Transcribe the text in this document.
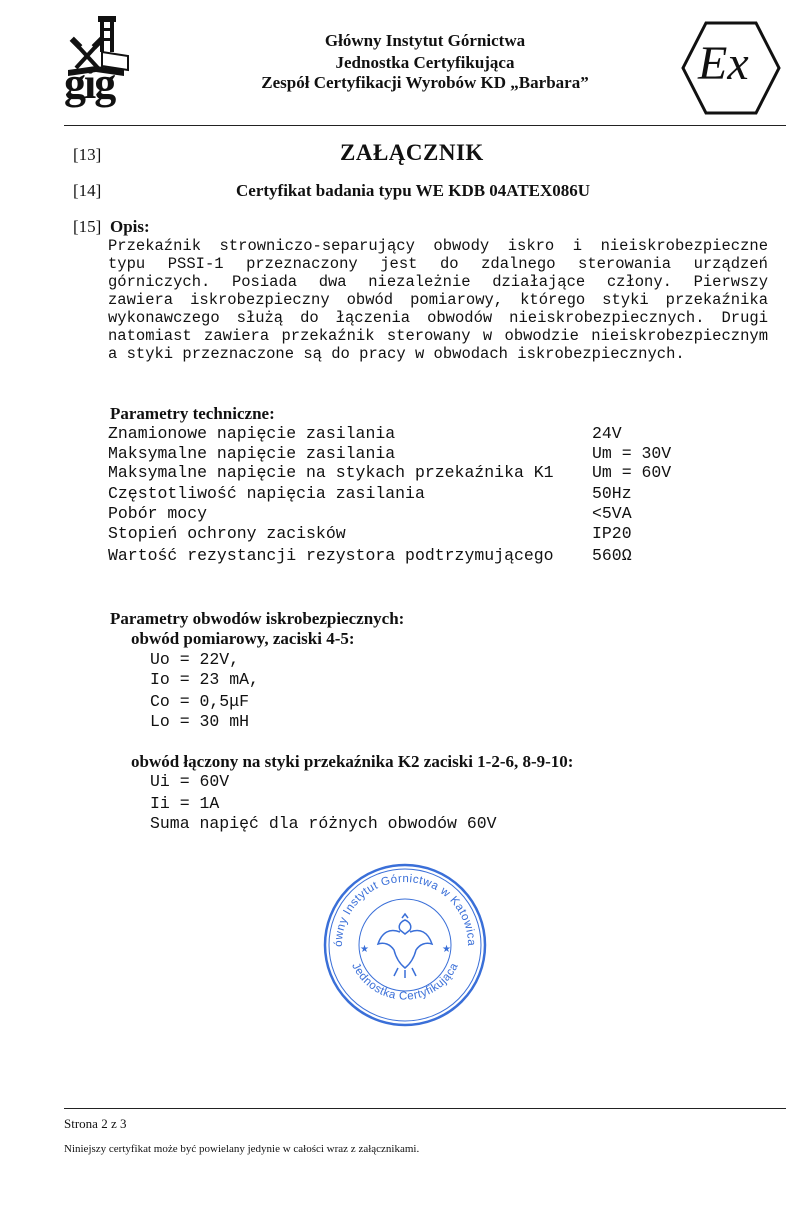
gig
Główny Instytut Górnictwa
Jednostka Certyfikująca
Zespół Certyfikacji Wyrobów KD „Barbara”	Ex
[13]	ZAŁĄCZNIK
[14]	Certyfikat badania typu WE KDB 04ATEX086U
[15] Opis:
Przekaźnik strowniczo-separujący obwody iskro i nieiskrobezpieczne typu PSSI-1 przeznaczony jest do zdalnego sterowania urządzeń górniczych. Posiada dwa niezależnie działające człony. Pierwszy zawiera iskrobezpieczny obwód pomiarowy, którego styki przekaźnika wykonawczego służą do łączenia obwodów nieiskrobezpiecznych. Drugi natomiast zawiera przekaźnik sterowany w obwodzie nieiskrobezpiecznym a styki przeznaczone są do pracy w obwodach iskrobezpiecznych.
Parametry techniczne:
Znamionowe napięcie zasilania	24V
Maksymalne napięcie zasilania	Um = 30V
Maksymalne napięcie na stykach przekaźnika K1 Um = 60V
Częstotliwość napięcia zasilania	50Hz
Pobór mocy	<5VA
Stopień ochrony zacisków	IP20
Wartość rezystancji rezystora podtrzymującego 560Ω
Parametry obwodów iskrobezpiecznych:
obwód pomiarowy, zaciski 4-5:
Uo = 22V,
Io = 23 mA,
Co = 0,5μF
Lo = 30 mH
obwód łączony na styki przekaźnika K2 zaciski 1-2-6, 8-9-10:
Ui = 60V
Ii = 1A
Suma napięć dla różnych obwodów 60V
ówny Instytut Górnictwa w Katowica
Jednostka Certyfikująca
★	★
Strona 2 z 3
Niniejszy certyfikat może być powielany jedynie w całości wraz z załącznikami.
